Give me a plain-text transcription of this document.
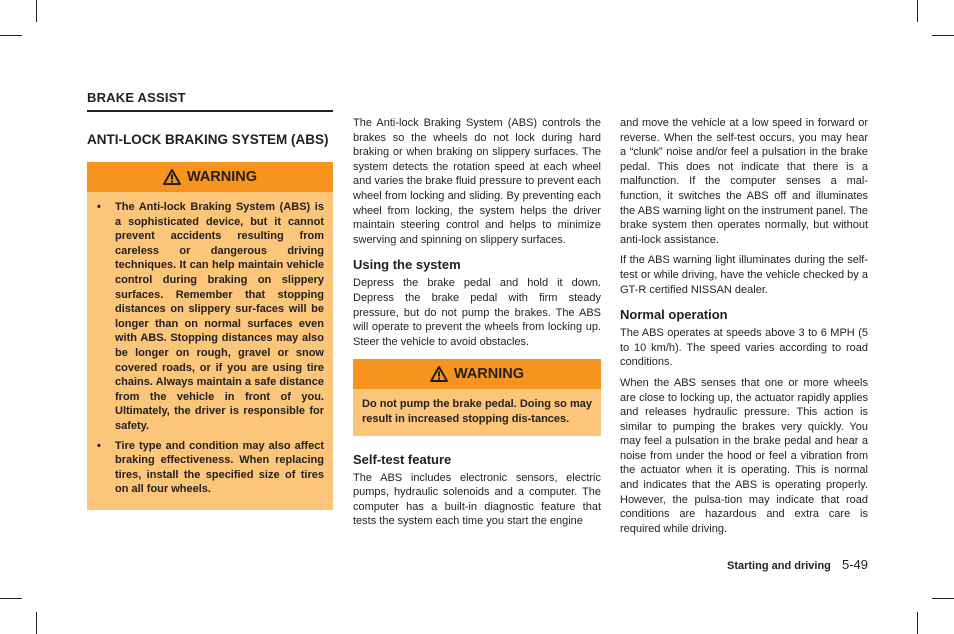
BRAKE ASSIST
ANTI-LOCK BRAKING SYSTEM (ABS)
WARNING
• The Anti-lock Braking System (ABS) is a sophisticated device, but it cannot prevent accidents resulting from careless or dangerous driving techniques. It can help maintain vehicle control during braking on slippery surfaces. Remember that stopping distances on slippery sur-faces will be longer than on normal surfaces even with ABS. Stopping distances may also be longer on rough, gravel or snow covered roads, or if you are using tire chains. Always maintain a safe distance from the vehicle in front of you. Ultimately, the driver is responsible for safety.
• Tire type and condition may also affect braking effectiveness. When replacing tires, install the specified size of tires on all four wheels.

The Anti-lock Braking System (ABS) controls the brakes so the wheels do not lock during hard braking or when braking on slippery surfaces. The system detects the rotation speed at each wheel and varies the brake fluid pressure to prevent each wheel from locking and sliding. By preventing each wheel from locking, the system helps the driver maintain steering control and helps to minimize swerving and spinning on slippery surfaces.

Using the system

Depress the brake pedal and hold it down. Depress the brake pedal with firm steady pressure, but do not pump the brakes. The ABS will operate to prevent the wheels from locking up. Steer the vehicle to avoid obstacles.

WARNING
Do not pump the brake pedal. Doing so may result in increased stopping dis-tances.
Self-test feature

The ABS includes electronic sensors, electric pumps, hydraulic solenoids and a computer. The computer has a built-in diagnostic feature that tests the system each time you start the engine

and move the vehicle at a low speed in forward or reverse. When the self-test occurs, you may hear a “clunk” noise and/or feel a pulsation in the brake pedal. This does not indicate that there is a malfunction. If the computer senses a mal-function, it switches the ABS off and illuminates the ABS warning light on the instrument panel. The brake system then operates normally, but without anti-lock assistance.

If the ABS warning light illuminates during the self-test or while driving, have the vehicle checked by a GT-R certified NISSAN dealer.

Normal operation

The ABS operates at speeds above 3 to 6 MPH (5 to 10 km/h). The speed varies according to road conditions.

When the ABS senses that one or more wheels are close to locking up, the actuator rapidly applies and releases hydraulic pressure. This action is similar to pumping the brakes very quickly. You may feel a pulsation in the brake pedal and hear a noise from under the hood or feel a vibration from the actuator when it is operating. This is normal and indicates that the ABS is operating properly. However, the pulsa-tion may indicate that road conditions are hazardous and extra care is required while driving.

Starting and driving 5-49
